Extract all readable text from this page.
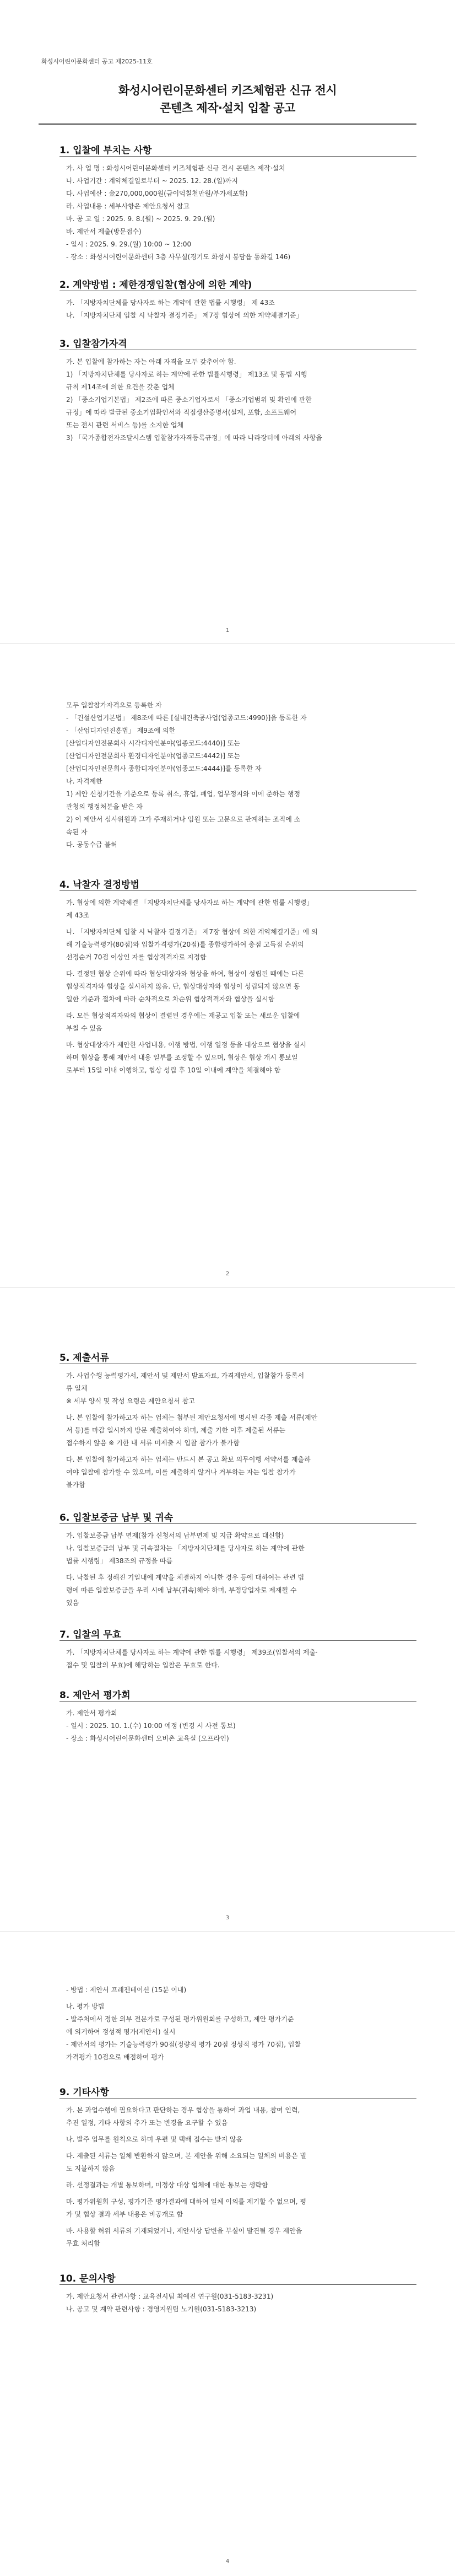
화성시어린이문화센터 공고 제2025-11호
화성시어린이문화센터 키즈체험관 신규 전시
콘텐츠 제작·설치 입찰 공고
1. 입찰에 부치는 사항
가. 사 업 명 : 화성시어린이문화센터 키즈체험관 신규 전시 콘텐츠 제작·설치
나. 사업기간 : 계약체결일로부터 ~ 2025. 12. 28.(일)까지
다. 사업예산 : 金270,000,000원(금이억칠천만원/부가세포함)
라. 사업내용 : 세부사항은 제안요청서 참고
마. 공 고 일 : 2025. 9. 8.(월) ~ 2025. 9. 29.(월)
바. 제안서 제출(방문접수)
- 일시 : 2025. 9. 29.(월) 10:00 ~ 12:00
- 장소 : 화성시어린이문화센터 3층 사무실(경기도 화성시 봉담읍 동화길 146)
2. 계약방법 : 제한경쟁입찰(협상에 의한 계약)
가. 「지방자치단체를 당사자로 하는 계약에 관한 법률 시행령」 제 43조
나. 「지방자치단체 입찰 시 낙찰자 결정기준」 제7장 협상에 의한 계약체결기준」
3. 입찰참가자격
가. 본 입찰에 참가하는 자는 아래 자격을 모두 갖추어야 함.
1) 「지방자치단체를 당사자로 하는 계약에 관한 법률시행령」 제13조 및 동법 시행
규칙 제14조에 의한 요건을 갖춘 업체
2) 「중소기업기본법」 제2조에 따른 중소기업자로서 「중소기업범위 및 확인에 관한
규정」에 따라 발급된 중소기업확인서와 직접생산증명서(설계, 포함, 소프트웨어
또는 전시 관련 서비스 등)를 소지한 업체
3) 「국가종합전자조달시스템 입찰참가자격등록규정」에 따라 나라장터에 아래의 사항을
1
모두 입찰참가자격으로 등록한 자
- 「건설산업기본법」 제8조에 따른 [실내건축공사업(업종코드:4990)]을 등록한 자
- 「산업디자인진흥법」 제9조에 의한
[산업디자인전문회사 시각디자인분야(업종코드:4440)] 또는
[산업디자인전문회사 환경디자인분야(업종코드:4442)] 또는
[산업디자인전문회사 종합디자인분야(업종코드:4444)]를 등록한 자
나. 자격제한
1) 제안 신청기간을 기준으로 등록 취소, 휴업, 폐업, 업무정지와 이에 준하는 행정
관청의 행정처분을 받은 자
2) 이 제안서 심사위원과 그가 주재하거나 임원 또는 고문으로 관계하는 조직에 소
속된 자
다. 공동수급 불허
4. 낙찰자 결정방법
가. 협상에 의한 계약체결 「지방자치단체를 당사자로 하는 계약에 관한 법률 시행령」
제 43조
나. 「지방자치단체 입찰 시 낙찰자 결정기준」 제7장 협상에 의한 계약체결기준」에 의
해 기술능력평가(80점)와 입찰가격평가(20점)를 종합평가하여 총점 고득점 순위의
선정순거 70점 이상인 자를 협상적격자로 지정함
다. 결정된 협상 순위에 따라 협상대상자와 협상을 하여, 협상이 성립된 때에는 다른
협상적격자와 협상을 실시하지 않음. 단, 협상대상자와 협상이 성립되지 않으면 동
일한 기준과 절차에 따라 순차적으로 차순위 협상적격자와 협상을 실시함
라. 모든 협상적격자와의 협상이 결렬된 경우에는 재공고 입찰 또는 새로운 입찰에
부칠 수 있음
마. 협상대상자가 제안한 사업내용, 이행 방법, 이행 일정 등을 대상으로 협상을 실시
하며 협상을 통해 제안서 내용 일부를 조정할 수 있으며, 협상은 협상 개시 통보일
로부터 15일 이내 이행하고, 협상 성립 후 10일 이내에 계약을 체결해야 함
2
5. 제출서류
가. 사업수행 능력평가서, 제안서 및 제안서 발표자료, 가격제안서, 입찰참가 등록서
류 일체
※ 세부 양식 및 작성 요령은 제안요청서 참고
나. 본 입찰에 참가하고자 하는 업체는 첨부된 제안요청서에 명시된 각종 제출 서류(제안
서 등)를 마감 일시까지 방문 제출하여야 하며, 제출 기한 이후 제출된 서류는
접수하지 않음 ※ 기한 내 서류 미제출 시 입찰 참가가 불가함
다. 본 입찰에 참가하고자 하는 업체는 반드시 본 공고 확보 의무이행 서약서를 제출하
여야 입찰에 참가할 수 있으며, 이를 제출하지 않거나 거부하는 자는 입찰 참가가
불가함
6. 입찰보증금 납부 및 귀속
가. 입찰보증금 납부 면제(참가 신청서의 납부면제 및 지급 확약으로 대신함)
나. 입찰보증금의 납부 및 귀속절차는 「지방자치단체를 당사자로 하는 계약에 관한
법률 시행령」 제38조의 규정을 따름
다. 낙찰된 후 정해진 기일내에 계약을 체결하지 아니한 경우 등에 대하여는 관련 법
령에 따른 입찰보증금을 우리 시에 납부(귀속)해야 하며, 부정당업자로 제재될 수
있음
7. 입찰의 무효
가. 「지방자치단체를 당사자로 하는 계약에 관한 법률 시행령」 제39조(입찰서의 제출·
접수 및 입찰의 무효)에 해당하는 입찰은 무효로 한다.
8. 제안서 평가회
가. 제안서 평가회
- 일시 : 2025. 10. 1.(수) 10:00 예정 (변경 시 사전 통보)
- 장소 : 화성시어린이문화센터 오비촌 교육실 (오프라인)
3
- 방법 : 제안서 프레젠테이션 (15분 이내)
나. 평가 방법
- 발주처에서 정한 외부 전문가로 구성된 평가위원회를 구성하고, 제안 평가기준
에 의거하여 정성적 평가(제안서) 실시
- 제안서의 평가는 기술능력평가 90점(정량적 평가 20점 정성적 평가 70점), 입찰
가격평가 10점으로 배점하여 평가
9. 기타사항
가. 본 과업수행에 필요하다고 판단하는 경우 협상을 통하여 과업 내용, 참여 인력,
추진 일정, 기타 사항의 추가 또는 변경을 요구할 수 있음
나. 발주 업무를 원칙으로 하며 우편 및 택배 접수는 받지 않음
다. 제출된 서류는 일체 반환하지 않으며, 본 제안을 위해 소요되는 일체의 비용은 별
도 지불하지 않음
라. 선정결과는 개별 통보하며, 미정상 대상 업체에 대한 통보는 생략함
마. 평가위원회 구성, 평가기준 평가결과에 대하여 일체 이의를 제기할 수 없으며, 평
가 및 협상 결과 세부 내용은 비공개로 함
바. 사용할 허위 서류의 기재되었거나, 제안서상 답변을 부실이 발견될 경우 제안을
무효 처리함
10. 문의사항
가. 제안요청서 관련사항 : 교육전시팀 최예진 연구원(031-5183-3231)
나. 공고 및 계약 관련사항 : 경영지원팀 노기원(031-5183-3213)
4
